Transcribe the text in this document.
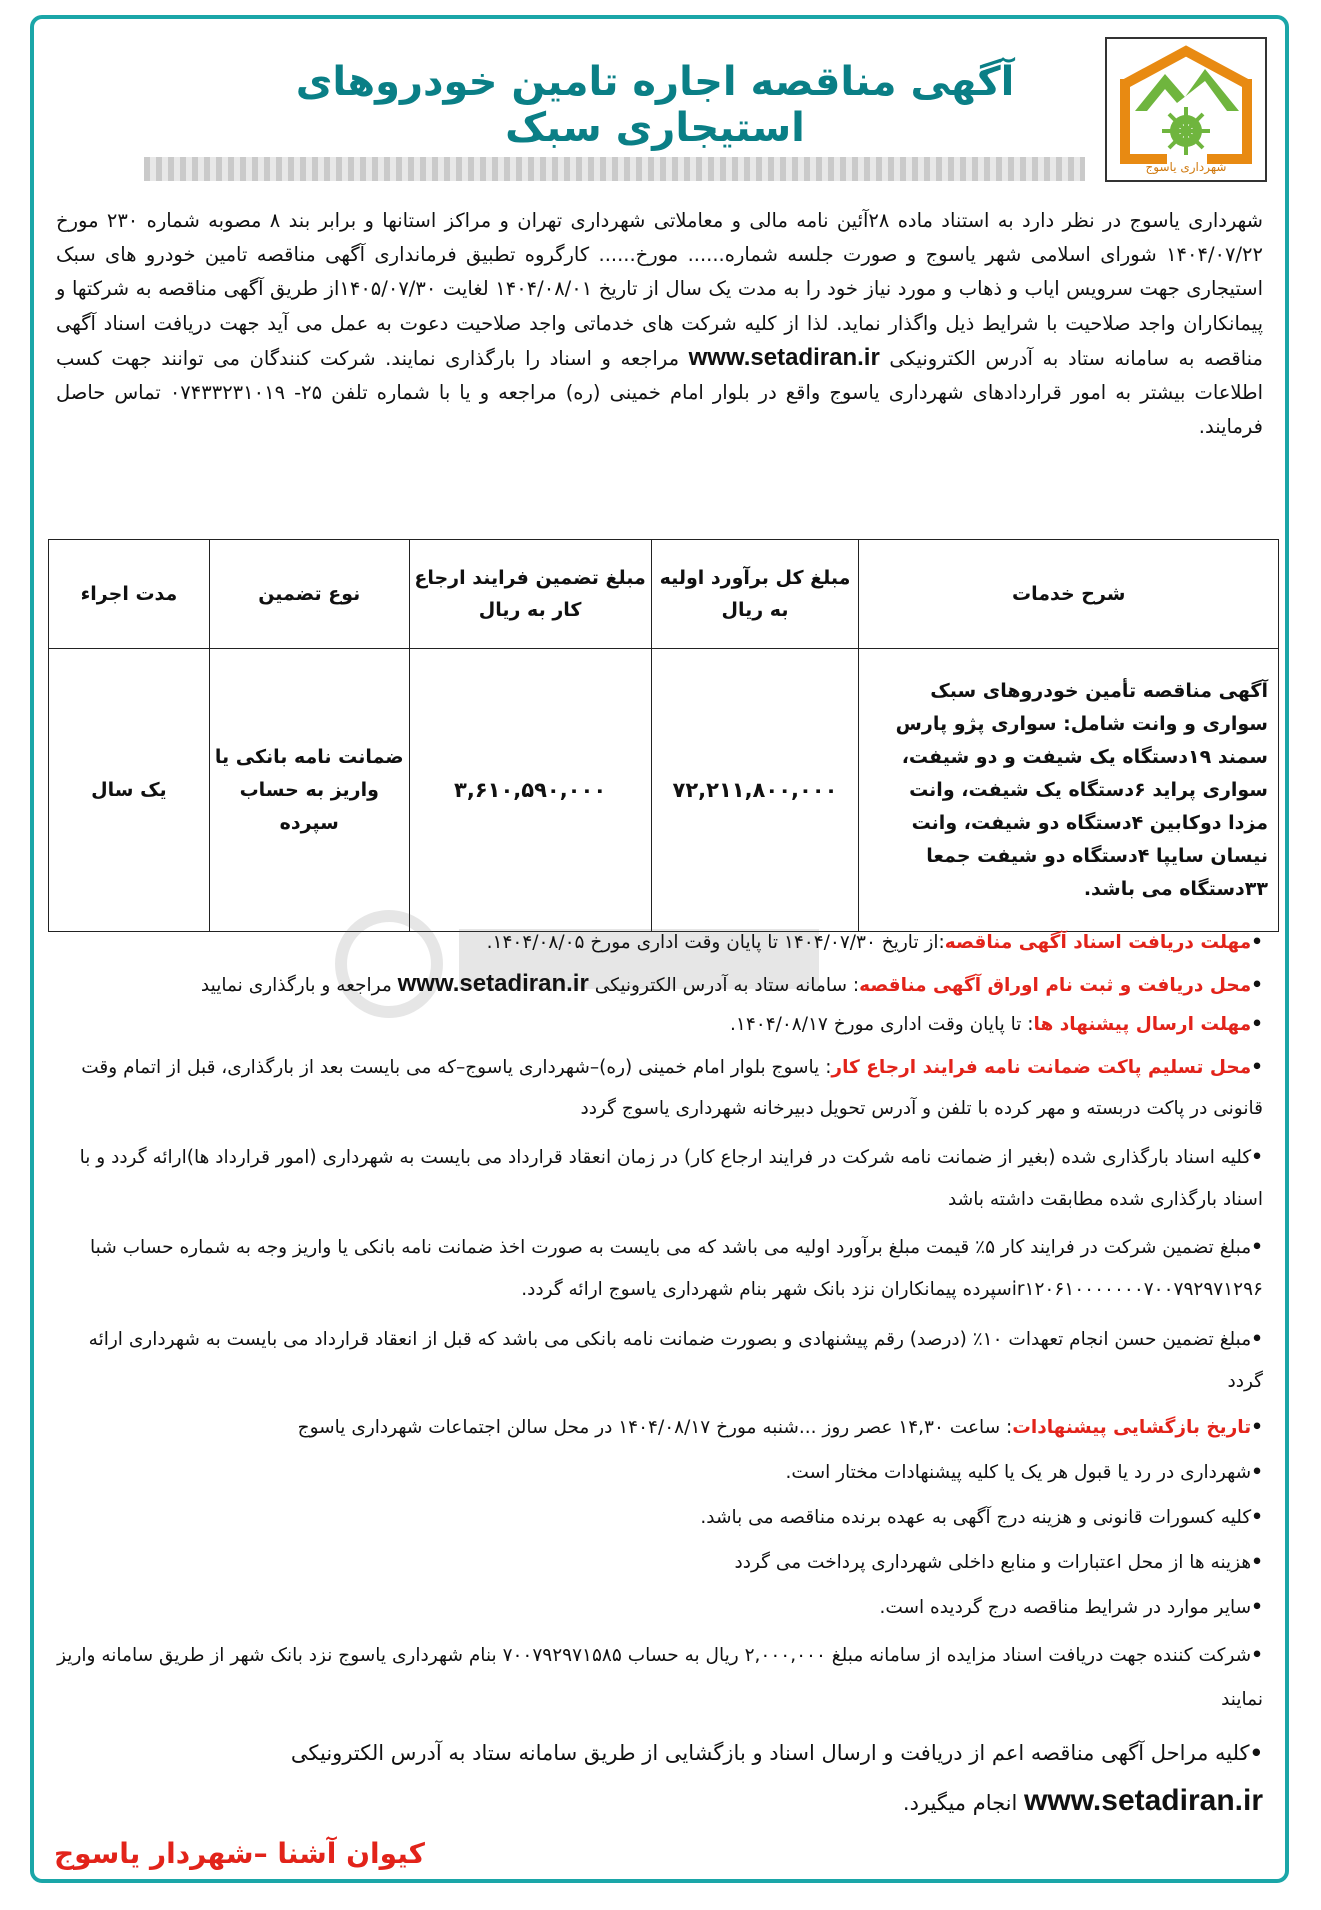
شهرداری یاسوج
آگهی مناقصه اجاره تامین خودروهای استیجاری سبک
شهرداری یاسوج در نظر دارد به استناد ماده ۲۸آئین نامه مالی و معاملاتی شهرداری تهران و مراکز استانها و برابر بند ۸ مصوبه شماره ۲۳۰ مورخ ۱۴۰۴/۰۷/۲۲ شورای اسلامی شهر یاسوج و صورت جلسه شماره...... مورخ...... کارگروه تطبیق فرمانداری آگهی مناقصه تامین خودرو های سبک استیجاری جهت سرویس ایاب و ذهاب و مورد نیاز خود را به مدت یک سال از تاریخ ۱۴۰۴/۰۸/۰۱ لغایت ۱۴۰۵/۰۷/۳۰از طریق آگهی مناقصه به شرکتها و پیمانکاران واجد صلاحیت با شرایط ذیل واگذار نماید. لذا از کلیه شرکت های خدماتی واجد صلاحیت دعوت به عمل می آید جهت دریافت اسناد آگهی مناقصه به سامانه ستاد به آدرس الکترونیکی www.setadiran.ir مراجعه و اسناد را بارگذاری نمایند. شرکت کنندگان می توانند جهت کسب اطلاعات بیشتر به امور قراردادهای شهرداری یاسوج واقع در بلوار امام خمینی (ره) مراجعه و یا با شماره تلفن ۲۵- ۰۷۴۳۳۲۳۱۰۱۹ تماس حاصل فرمایند.
شرح خدمات	مبلغ کل برآورد اولیه به ریال	مبلغ تضمین فرایند ارجاع کار به ریال	نوع تضمین	مدت اجراء
آگهی مناقصه تأمین خودروهای سبک سواری و وانت شامل: سواری پژو پارس سمند ۱۹دستگاه یک شیفت و دو شیفت، سواری پراید ۶دستگاه یک شیفت، وانت مزدا دوکابین ۴دستگاه دو شیفت، وانت نیسان سایپا ۴دستگاه دو شیفت جمعا ۳۳دستگاه می باشد.	۷۲,۲۱۱,۸۰۰,۰۰۰	۳,۶۱۰,۵۹۰,۰۰۰	ضمانت نامه بانکی یا واریز به حساب سپرده	یک سال
•مهلت دریافت اسناد آگهی مناقصه:از تاریخ ۱۴۰۴/۰۷/۳۰ تا پایان وقت اداری مورخ ۱۴۰۴/۰۸/۰۵.
•محل دریافت و ثبت نام اوراق آگهی مناقصه: سامانه ستاد به آدرس الکترونیکی www.setadiran.ir مراجعه و بارگذاری نمایید
•مهلت ارسال پیشنهاد ها: تا پایان وقت اداری مورخ ۱۴۰۴/۰۸/۱۷.
•محل تسلیم پاکت ضمانت نامه فرایند ارجاع کار: یاسوج بلوار امام خمینی (ره)–شهرداری یاسوج–که می بایست بعد از بارگذاری، قبل از اتمام وقت قانونی در پاکت دربسته و مهر کرده با تلفن و آدرس تحویل دبیرخانه شهرداری یاسوج گردد
•کلیه اسناد بارگذاری شده (بغیر از ضمانت نامه شرکت در فرایند ارجاع کار) در زمان انعقاد قرارداد می بایست به شهرداری (امور قرارداد ها)ارائه گردد و با اسناد بارگذاری شده مطابقت داشته باشد
•مبلغ تضمین شرکت در فرایند کار ۵٪ قیمت مبلغ برآورد اولیه می باشد که می بایست به صورت اخذ ضمانت نامه بانکی یا واریز وجه به شماره حساب شبا ir۱۲۰۶۱۰۰۰۰۰۰۰۷۰۰۷۹۲۹۷۱۲۹۶سپرده پیمانکاران نزد بانک شهر بنام شهرداری یاسوج ارائه گردد.
•مبلغ تضمین حسن انجام تعهدات ۱۰٪ (درصد) رقم پیشنهادی و بصورت ضمانت نامه بانکی می باشد که قبل از انعقاد قرارداد می بایست به شهرداری ارائه گردد
•تاریخ بازگشایی پیشنهادات: ساعت ۱۴,۳۰ عصر روز ...شنبه مورخ ۱۴۰۴/۰۸/۱۷ در محل سالن اجتماعات شهرداری یاسوج
•شهرداری در رد یا قبول هر یک یا کلیه پیشنهادات مختار است.
•کلیه کسورات قانونی و هزینه درج آگهی به عهده برنده مناقصه می باشد.
•هزینه ها از محل اعتبارات و منابع داخلی شهرداری پرداخت می گردد
•سایر موارد در شرایط مناقصه درج گردیده است.
•شرکت کننده جهت دریافت اسناد مزایده از سامانه مبلغ ۲,۰۰۰,۰۰۰ ریال به حساب ۷۰۰۷۹۲۹۷۱۵۸۵ بنام شهرداری یاسوج نزد بانک شهر از طریق سامانه واریز نمایند
•کلیه مراحل آگهی مناقصه اعم از دریافت و ارسال اسناد و بازگشایی از طریق سامانه ستاد به آدرس الکترونیکی www.setadiran.ir انجام میگیرد.
کیوان آشنا –شهردار یاسوج
